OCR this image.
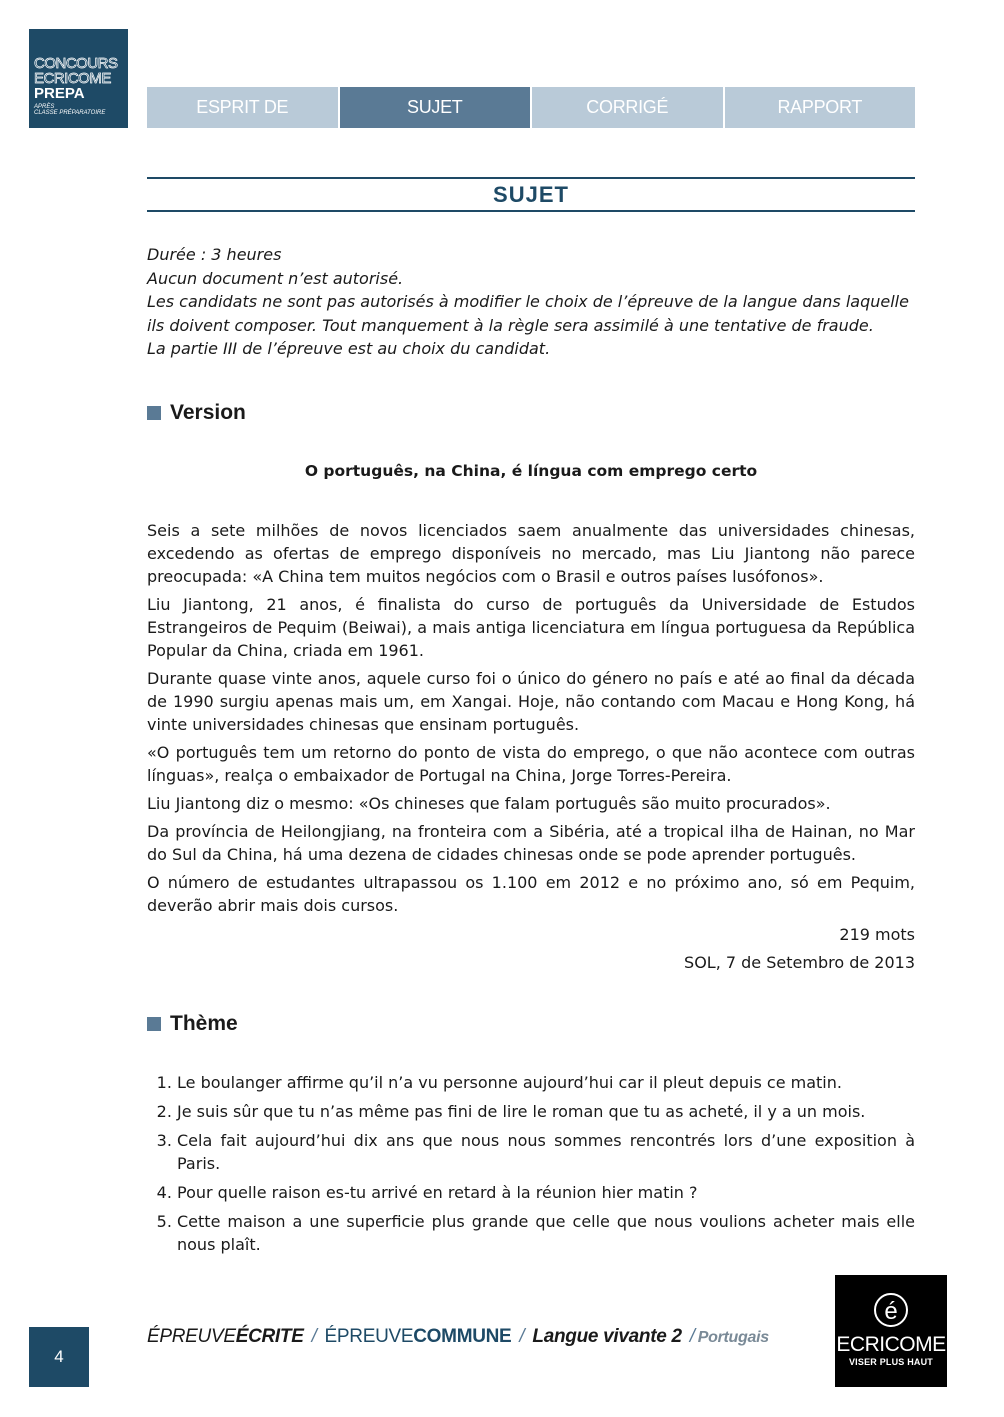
CONCOURS
ECRICOME
PREPA
APRÈS
CLASSE PRÉPARATOIRE	ESPRIT DE L’ÉPREUVE
SUJET	CORRIGÉ	RAPPORT
SUJET

Durée : 3 heures

Aucun document n’est autorisé.

Les candidats ne sont pas autorisés à modifier le choix de l’épreuve de la langue dans laquelle ils doivent composer. Tout manquement à la règle sera assimilé à une tentative de fraude.

La partie III de l’épreuve est au choix du candidat.

Version
O português, na China, é língua com emprego certo

Seis a sete milhões de novos licenciados saem anualmente das universidades chinesas, excedendo as ofertas de emprego disponíveis no mercado, mas Liu Jiantong não parece preocupada: «A China tem muitos negócios com o Brasil e outros países lusófonos».

Liu Jiantong, 21 anos, é finalista do curso de português da Universidade de Estudos Estrangeiros de Pequim (Beiwai), a mais antiga licenciatura em língua portuguesa da República Popular da China, criada em 1961.

Durante quase vinte anos, aquele curso foi o único do género no país e até ao final da década de 1990 surgiu apenas mais um, em Xangai. Hoje, não contando com Macau e Hong Kong, há vinte universidades chinesas que ensinam português.

«O português tem um retorno do ponto de vista do emprego, o que não acontece com outras línguas», realça o embaixador de Portugal na China, Jorge Torres-Pereira.

Liu Jiantong diz o mesmo: «Os chineses que falam português são muito procurados».

Da província de Heilongjiang, na fronteira com a Sibéria, até a tropical ilha de Hainan, no Mar do Sul da China, há uma dezena de cidades chinesas onde se pode aprender português.

O número de estudantes ultrapassou os 1.100 em 2012 e no próximo ano, só em Pequim, deverão abrir mais dois cursos.

219 mots

SOL, 7 de Setembro de 2013

Thème
1. Le boulanger affirme qu’il n’a vu personne aujourd’hui car il pleut depuis ce matin.
2. Je suis sûr que tu n’as même pas fini de lire le roman que tu as acheté, il y a un mois.
3. Cela fait aujourd’hui dix ans que nous nous sommes rencontrés lors d’une exposition à Paris.
4. Pour quelle raison es-tu arrivé en retard à la réunion hier matin ?
5. Cette maison a une superficie plus grande que celle que nous voulions acheter mais elle nous plaît.
4
ÉPREUVEÉCRITE / ÉPREUVECOMMUNE / Langue vivante 2 / Portugais
é
ECRICOME
VISER PLUS HAUT
